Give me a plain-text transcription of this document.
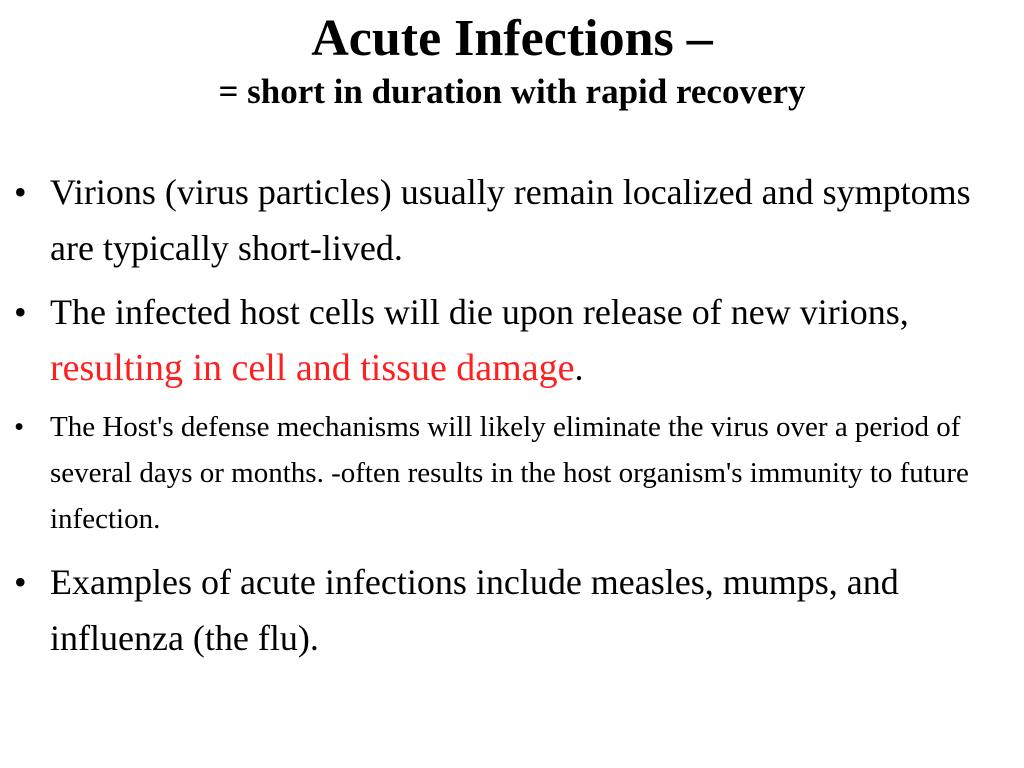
Acute Infections –
= short in duration with rapid recovery
• Virions (virus particles) usually remain localized and symptoms are typically short-lived.
• The infected host cells will die upon release of new virions, resulting in cell and tissue damage.
• The Host's defense mechanisms will likely eliminate the virus over a period of several days or months. -often results in the host organism's immunity to future infection.
• Examples of acute infections include measles, mumps, and influenza (the flu).
